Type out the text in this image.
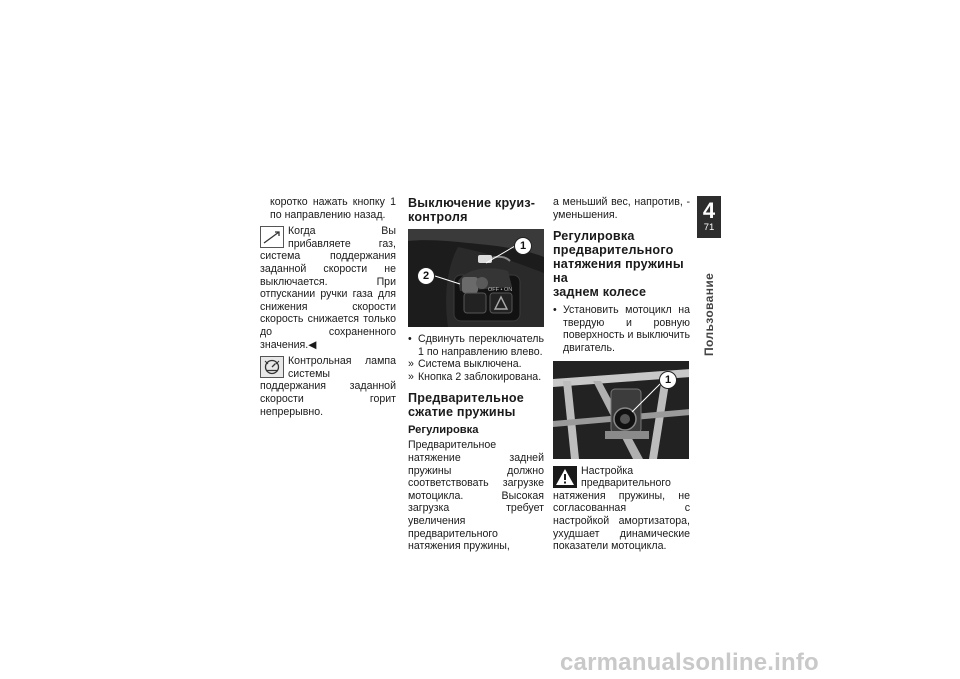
коротко нажать кнопку 1 по направлению назад.

Когда Вы прибавляете газ, система поддержания заданной скорости не выключается. При отпускании ручки газа для снижения скорости скорость снижается только до сохраненного значения.◀

Контрольная лампа системы поддержания заданной скорости горит непрерывно.

Выключение круиз-
контроля
OFF • ON
1
2
• Сдвинуть переключатель 1 по направлению влево.
» Система выключена.
» Кнопка 2 заблокирована.
Предварительное
сжатие пружины
Регулировка

Предварительное натяжение задней пружины должно соответствовать загрузке мотоцикла. Высокая загрузка требует увеличения предварительного натяжения пружины,

а меньший вес, напротив, - уменьшения.

Регулировка
предварительного
натяжения пружины на
заднем колесе
• Установить мотоцикл на твердую и ровную поверхность и выключить двигатель.
1

Настройка предварительного натяжения пружины, не согласованная с настройкой амортизатора, ухудшает динамические показатели мотоцикла.

4
71
Пользование
carmanualsonline.info
